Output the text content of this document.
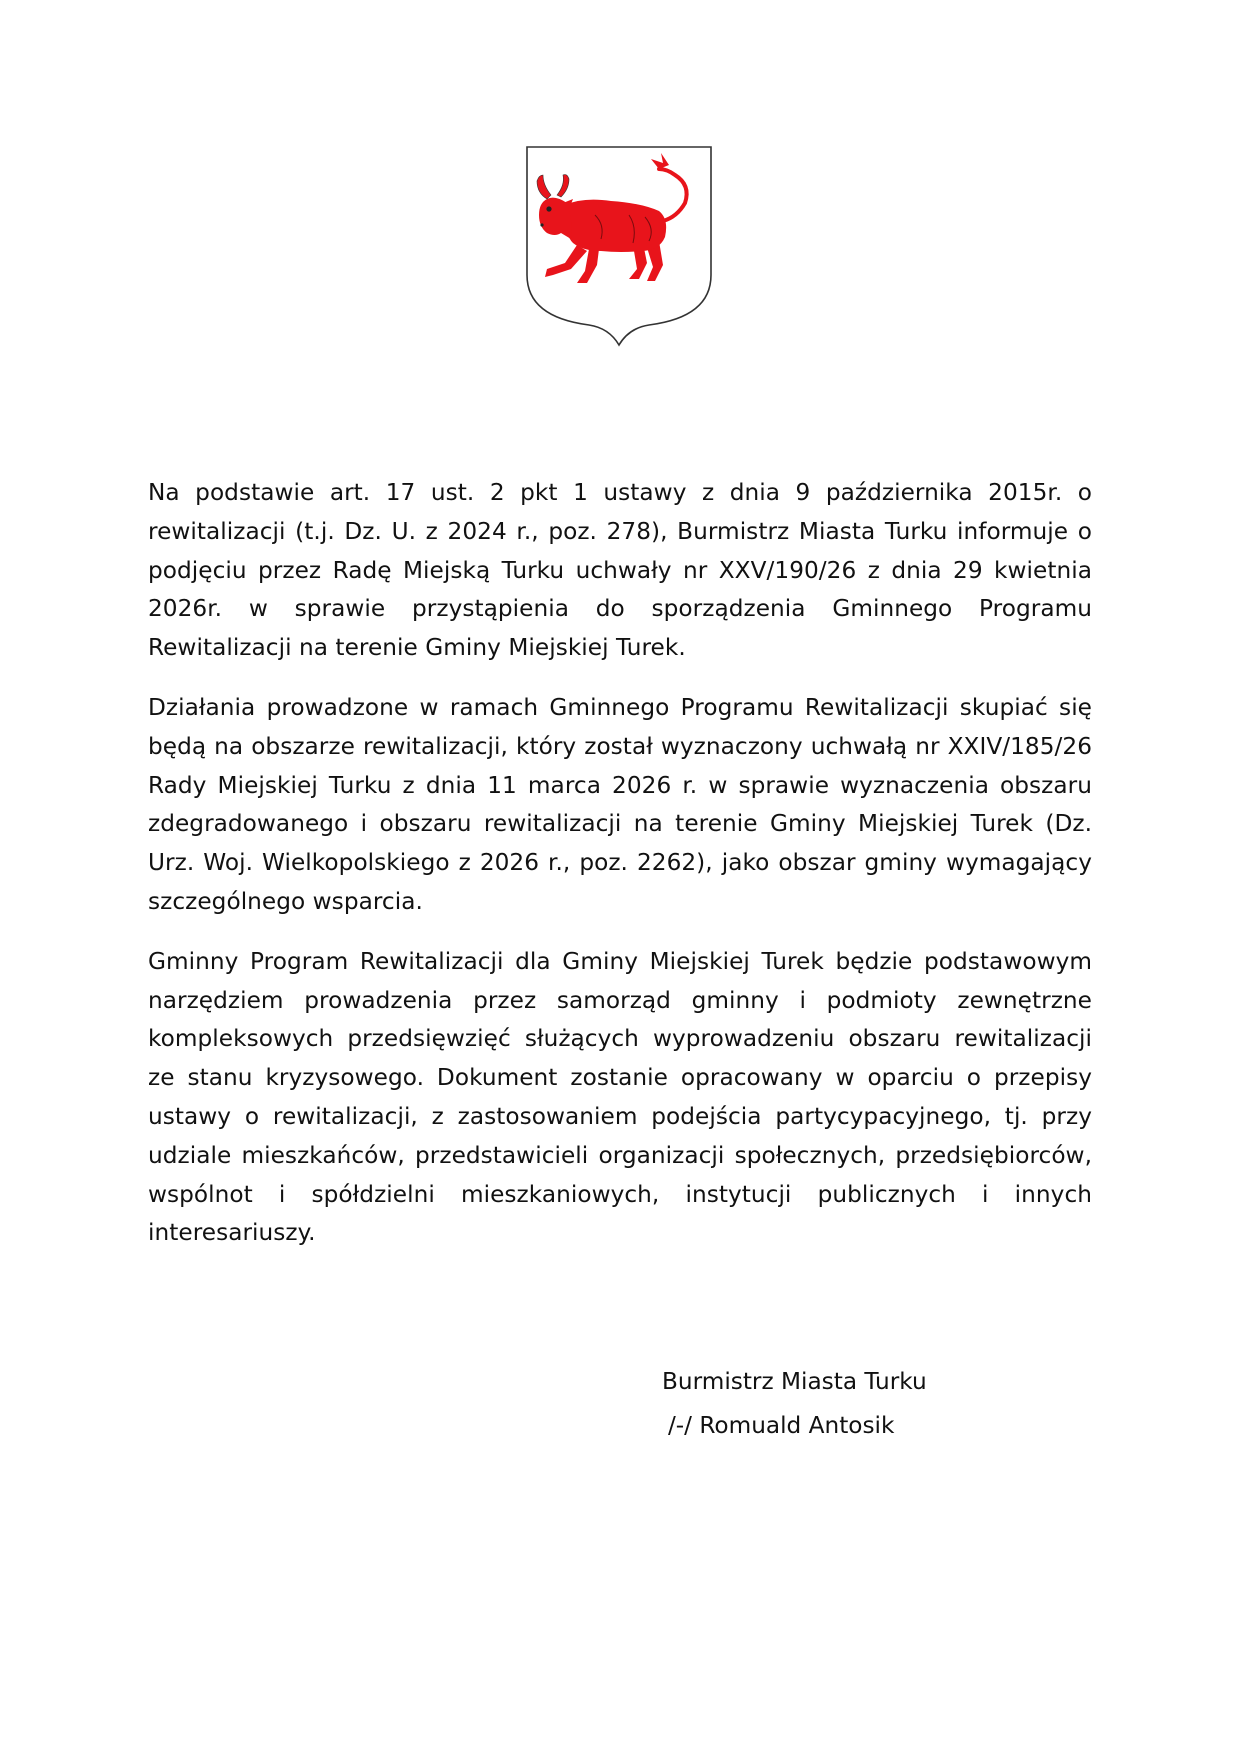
Na podstawie art. 17 ust. 2 pkt 1 ustawy z dnia 9 października 2015r. o rewitalizacji (t.j. Dz. U. z 2024 r., poz. 278), Burmistrz Miasta Turku informuje o podjęciu przez Radę Miejską Turku uchwały nr XXV/190/26 z dnia 29 kwietnia 2026r. w sprawie przystąpienia do sporządzenia Gminnego Programu Rewitalizacji na terenie Gminy Miejskiej Turek.

Działania prowadzone w ramach Gminnego Programu Rewitalizacji skupiać się będą na obszarze rewitalizacji, który został wyznaczony uchwałą nr XXIV/185/26 Rady Miejskiej Turku z dnia 11 marca 2026 r. w sprawie wyznaczenia obszaru zdegradowanego i obszaru rewitalizacji na terenie Gminy Miejskiej Turek (Dz. Urz. Woj. Wielkopolskiego z 2026 r., poz. 2262), jako obszar gminy wymagający szczególnego wsparcia.

Gminny Program Rewitalizacji dla Gminy Miejskiej Turek będzie podstawowym narzędziem prowadzenia przez samorząd gminny i podmioty zewnętrzne kompleksowych przedsięwzięć służących wyprowadzeniu obszaru rewitalizacji ze stanu kryzysowego. Dokument zostanie opracowany w oparciu o przepisy ustawy o rewitalizacji, z zastosowaniem podejścia partycypacyjnego, tj. przy udziale mieszkańców, przedstawicieli organizacji społecznych, przedsiębiorców, wspólnot i spółdzielni mieszkaniowych, instytucji publicznych i innych interesariuszy.

Burmistrz Miasta Turku
/-/ Romuald Antosik
